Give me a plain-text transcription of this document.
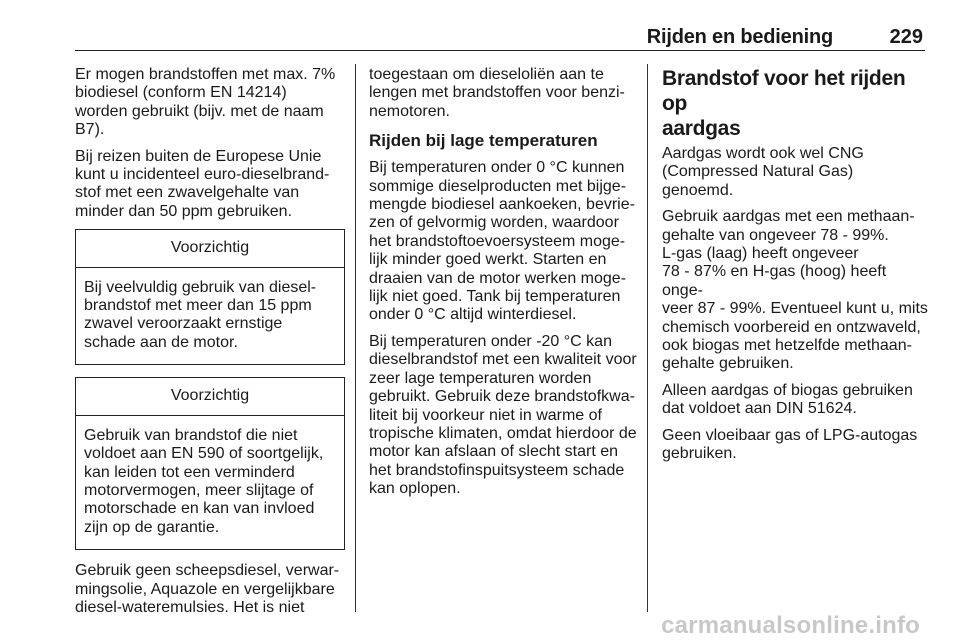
Rijden en bediening	229

Er mogen brandstoffen met max. 7%
biodiesel (conform EN 14214)
worden gebruikt (bijv. met de naam
B7).

Bij reizen buiten de Europese Unie
kunt u incidenteel euro-dieselbrand-
stof met een zwavelgehalte van
minder dan 50 ppm gebruiken.

Voorzichtig
Bij veelvuldig gebruik van diesel-
brandstof met meer dan 15 ppm
zwavel veroorzaakt ernstige
schade aan de motor.
Voorzichtig
Gebruik van brandstof die niet
voldoet aan EN 590 of soortgelijk,
kan leiden tot een verminderd
motorvermogen, meer slijtage of
motorschade en kan van invloed
zijn op de garantie.

Gebruik geen scheepsdiesel, verwar-
mingsolie, Aquazole en vergelijkbare
diesel-wateremulsies. Het is niet

toegestaan om dieseloliën aan te
lengen met brandstoffen voor benzi-
nemotoren.

Rijden bij lage temperaturen

Bij temperaturen onder 0 °C kunnen
sommige dieselproducten met bijge-
mengde biodiesel aankoeken, bevrie-
zen of gelvormig worden, waardoor
het brandstoftoevoersysteem moge-
lijk minder goed werkt. Starten en
draaien van de motor werken moge-
lijk niet goed. Tank bij temperaturen
onder 0 °C altijd winterdiesel.

Bij temperaturen onder -20 °C kan
dieselbrandstof met een kwaliteit voor
zeer lage temperaturen worden
gebruikt. Gebruik deze brandstofkwa-
liteit bij voorkeur niet in warme of
tropische klimaten, omdat hierdoor de
motor kan afslaan of slecht start en
het brandstofinspuitsysteem schade
kan oplopen.

Brandstof voor het rijden op
aardgas

Aardgas wordt ook wel CNG
(Compressed Natural Gas)
genoemd.

Gebruik aardgas met een methaan-
gehalte van ongeveer 78 - 99%.
L-gas (laag) heeft ongeveer
78 - 87% en H-gas (hoog) heeft onge-
veer 87 - 99%. Eventueel kunt u, mits
chemisch voorbereid en ontzwaveld,
ook biogas met hetzelfde methaan-
gehalte gebruiken.

Alleen aardgas of biogas gebruiken
dat voldoet aan DIN 51624.

Geen vloeibaar gas of LPG-autogas
gebruiken.

carmanualsonline.info
